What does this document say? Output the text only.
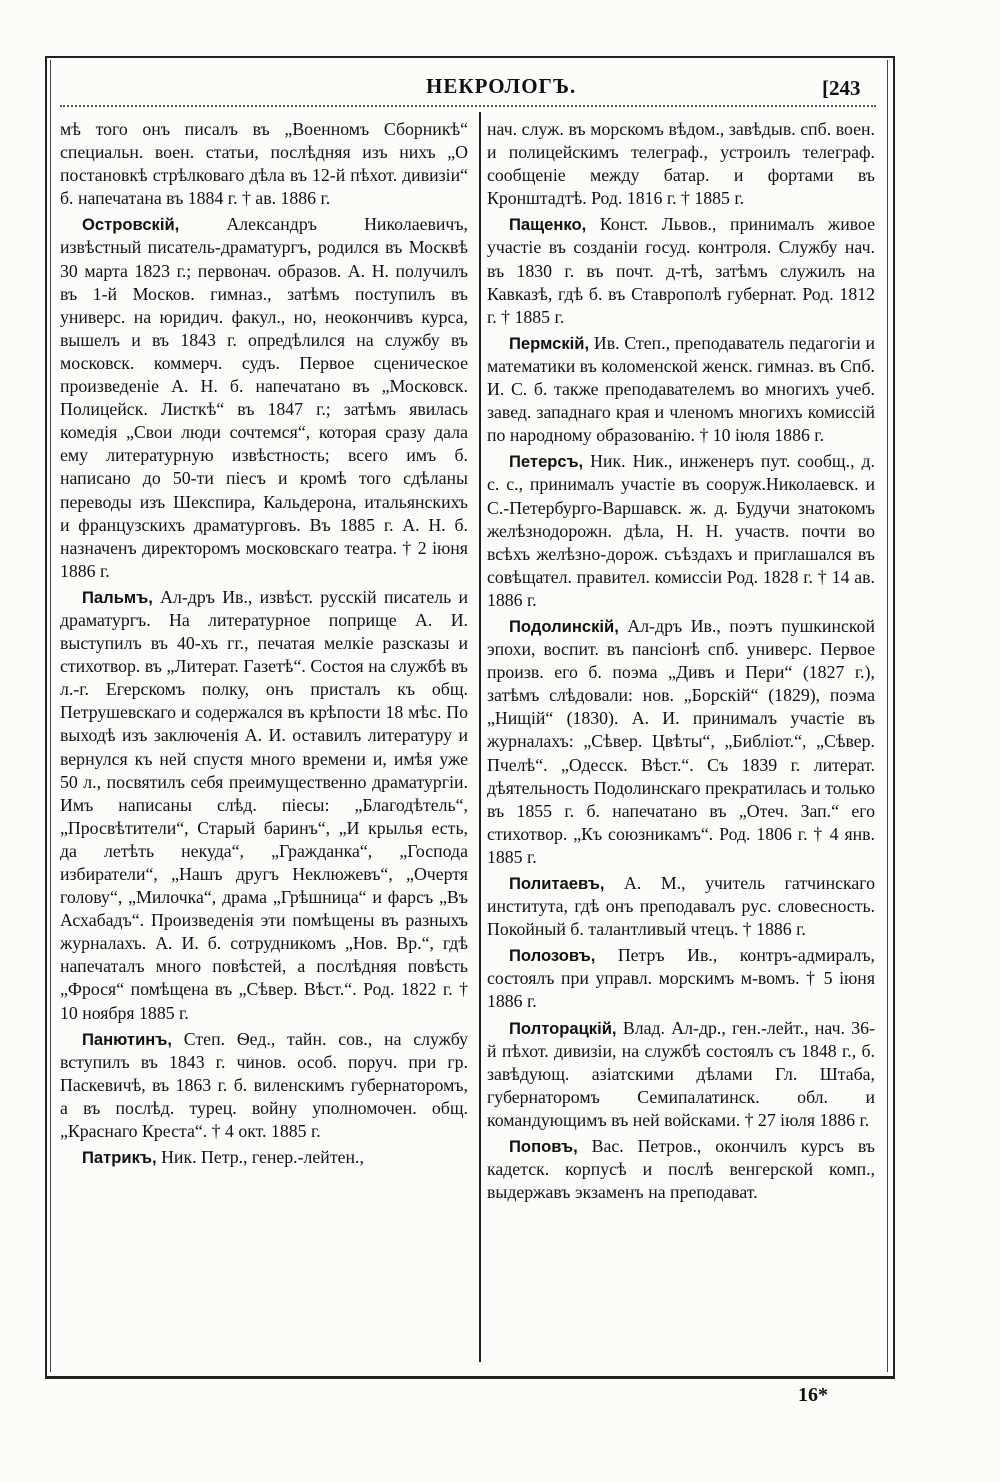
НЕКРОЛОГЪ.	[243

мѣ того онъ писалъ въ „Военномъ Сборникѣ“ специальн. воен. статьи, послѣдняя изъ нихъ „О постановкѣ стрѣлковаго дѣла въ 12-й пѣхот. дивизіи“ б. напечатана въ 1884 г. † ав. 1886 г.

Островскій, Александръ Николаевичъ, извѣстный писатель-драматургъ, родился въ Москвѣ 30 марта 1823 г.; первонач. образов. А. Н. получилъ въ 1-й Москов. гимназ., затѣмъ поступилъ въ универс. на юридич. факул., но, неокончивъ курса, вышелъ и въ 1843 г. опредѣлился на службу въ московск. коммерч. судъ. Первое сценическое произведеніе А. Н. б. напечатано въ „Московск. Полицейск. Листкѣ“ въ 1847 г.; затѣмъ явилась комедія „Свои люди сочтемся“, которая сразу дала ему литературную извѣстность; всего имъ б. написано до 50-ти піесъ и кромѣ того сдѣланы переводы изъ Шекспира, Кальдерона, итальянскихъ и французскихъ драматурговъ. Въ 1885 г. А. Н. б. назначенъ директоромъ московскаго театра. † 2 іюня 1886 г.

Пальмъ, Ал-дръ Ив., извѣст. русскій писатель и драматургъ. На литературное поприще А. И. выступилъ въ 40-хъ гг., печатая мелкіе разсказы и стихотвор. въ „Литерат. Газетѣ“. Состоя на службѣ въ л.-г. Егерскомъ полку, онъ присталъ къ общ. Петрушевскаго и содержался въ крѣпости 18 мѣс. По выходѣ изъ заключенія А. И. оставилъ литературу и вернулся къ ней спустя много времени и, имѣя уже 50 л., посвятилъ себя преимущественно драматургіи. Имъ написаны слѣд. піесы: „Благодѣтель“, „Просвѣтители“, Старый баринъ“, „И крылья есть, да летѣть некуда“, „Гражданка“, „Господа избиратели“, „Нашъ другъ Неклюжевъ“, „Очертя голову“, „Милочка“, драма „Грѣшница“ и фарсъ „Въ Асхабадъ“. Произведенія эти помѣщены въ разныхъ журналахъ. А. И. б. сотрудникомъ „Нов. Вр.“, гдѣ напечаталъ много повѣстей, а послѣдняя повѣсть „Фрося“ помѣщена въ „Сѣвер. Вѣст.“. Род. 1822 г. † 10 ноября 1885 г.

Панютинъ, Степ. Ѳед., тайн. сов., на службу вступилъ въ 1843 г. чинов. особ. поруч. при гр. Паскевичѣ, въ 1863 г. б. виленскимъ губернаторомъ, а въ послѣд. турец. войну уполномочен. общ. „Краснаго Креста“. † 4 окт. 1885 г.

Патрикъ, Ник. Петр., генер.-лейтен.,

нач. служ. въ морскомъ вѣдом., завѣдыв. спб. воен. и полицейскимъ телеграф., устроилъ телеграф. сообщеніе между батар. и фортами въ Кронштадтѣ. Род. 1816 г. † 1885 г.

Пащенко, Конст. Львов., принималъ живое участіе въ созданіи госуд. контроля. Службу нач. въ 1830 г. въ почт. д-тѣ, затѣмъ служилъ на Кавказѣ, гдѣ б. въ Ставрополѣ губернат. Род. 1812 г. † 1885 г.

Пермскій, Ив. Степ., преподаватель педагогіи и математики въ коломенской женск. гимназ. въ Спб. И. С. б. также преподавателемъ во многихъ учеб. завед. западнаго края и членомъ многихъ комиссій по народному образованію. † 10 іюля 1886 г.

Петерсъ, Ник. Ник., инженеръ пут. сообщ., д. с. с., принималъ участіе въ сооруж.Николаевск. и С.-Петербурго-Варшавск. ж. д. Будучи знатокомъ желѣзнодорожн. дѣла, Н. Н. участв. почти во всѣхъ желѣзно-дорож. съѣздахъ и приглашался въ совѣщател. правител. комиссіи Род. 1828 г. † 14 ав. 1886 г.

Подолинскій, Ал-дръ Ив., поэтъ пушкинской эпохи, воспит. въ пансіонѣ спб. универс. Первое произв. его б. поэма „Дивъ и Пери“ (1827 г.), затѣмъ слѣдовали: нов. „Борскій“ (1829), поэма „Нищій“ (1830). А. И. принималъ участіе въ журналахъ: „Сѣвер. Цвѣты“, „Библіот.“, „Сѣвер. Пчелѣ“. „Одесск. Вѣст.“. Съ 1839 г. литерат. дѣятельность Подолинскаго прекратилась и только въ 1855 г. б. напечатано въ „Отеч. Зап.“ его стихотвор. „Къ союзникамъ“. Род. 1806 г. † 4 янв. 1885 г.

Политаевъ, А. М., учитель гатчинскаго института, гдѣ онъ преподавалъ рус. словесность. Покойный б. талантливый чтецъ. † 1886 г.

Полозовъ, Петръ Ив., контръ-адмиралъ, состоялъ при управл. морскимъ м-вомъ. † 5 іюня 1886 г.

Полторацкій, Влад. Ал-др., ген.-лейт., нач. 36-й пѣхот. дивизіи, на службѣ состоялъ съ 1848 г., б. завѣдующ. азіатскими дѣлами Гл. Штаба, губернаторомъ Семипалатинск. обл. и командующимъ въ ней войсками. † 27 іюля 1886 г.

Поповъ, Вас. Петров., окончилъ курсъ въ кадетск. корпусѣ и послѣ венгерской комп., выдержавъ экзаменъ на преподават.

16*
